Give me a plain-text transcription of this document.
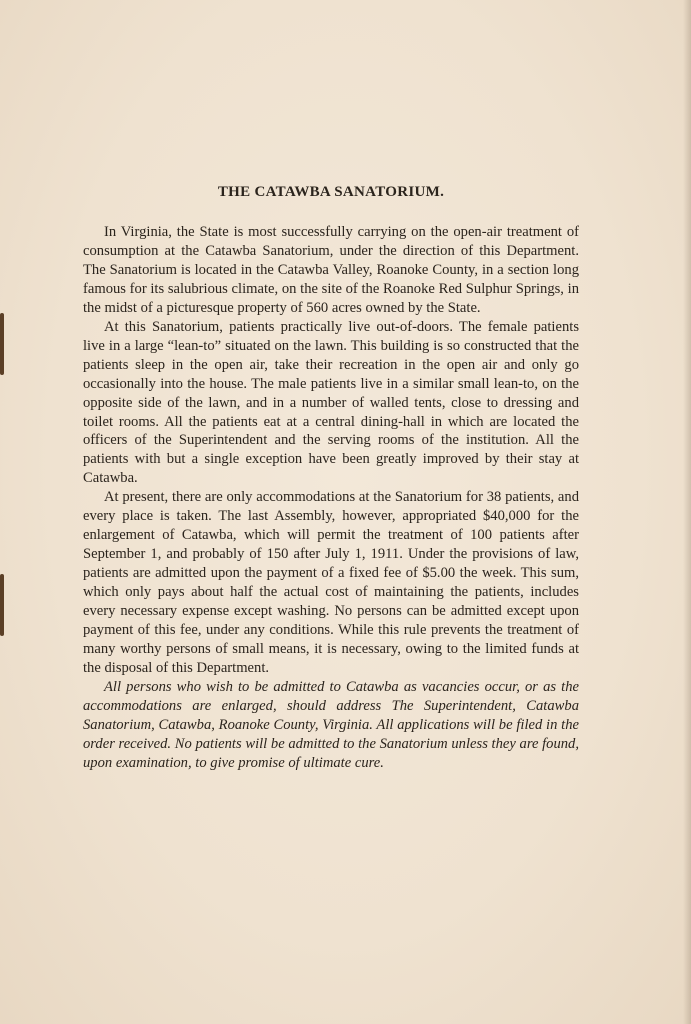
THE CATAWBA SANATORIUM.

In Virginia, the State is most successfully carrying on the open-air treatment of consumption at the Catawba Sanatorium, under the direction of this Department. The Sanatorium is located in the Catawba Valley, Roanoke County, in a section long famous for its salubrious climate, on the site of the Roanoke Red Sulphur Springs, in the midst of a picturesque property of 560 acres owned by the State.

At this Sanatorium, patients practically live out-of-doors. The female patients live in a large “lean-to” situated on the lawn. This building is so constructed that the patients sleep in the open air, take their recreation in the open air and only go occasionally into the house. The male patients live in a similar small lean-to, on the opposite side of the lawn, and in a number of walled tents, close to dressing and toilet rooms. All the patients eat at a central dining-hall in which are located the officers of the Superintendent and the serving rooms of the institution. All the patients with but a single exception have been greatly improved by their stay at Catawba.

At present, there are only accommodations at the Sanatorium for 38 patients, and every place is taken. The last Assembly, however, appropriated $40,000 for the enlargement of Catawba, which will permit the treatment of 100 patients after September 1, and probably of 150 after July 1, 1911. Under the provisions of law, patients are admitted upon the payment of a fixed fee of $5.00 the week. This sum, which only pays about half the actual cost of maintaining the patients, includes every necessary expense except washing. No persons can be admitted except upon payment of this fee, under any conditions. While this rule prevents the treatment of many worthy persons of small means, it is necessary, owing to the limited funds at the disposal of this Department.

All persons who wish to be admitted to Catawba as vacancies occur, or as the accommodations are enlarged, should address The Superintendent, Catawba Sanatorium, Catawba, Roanoke County, Virginia. All applications will be filed in the order received. No patients will be admitted to the Sanatorium unless they are found, upon examination, to give promise of ultimate cure.
